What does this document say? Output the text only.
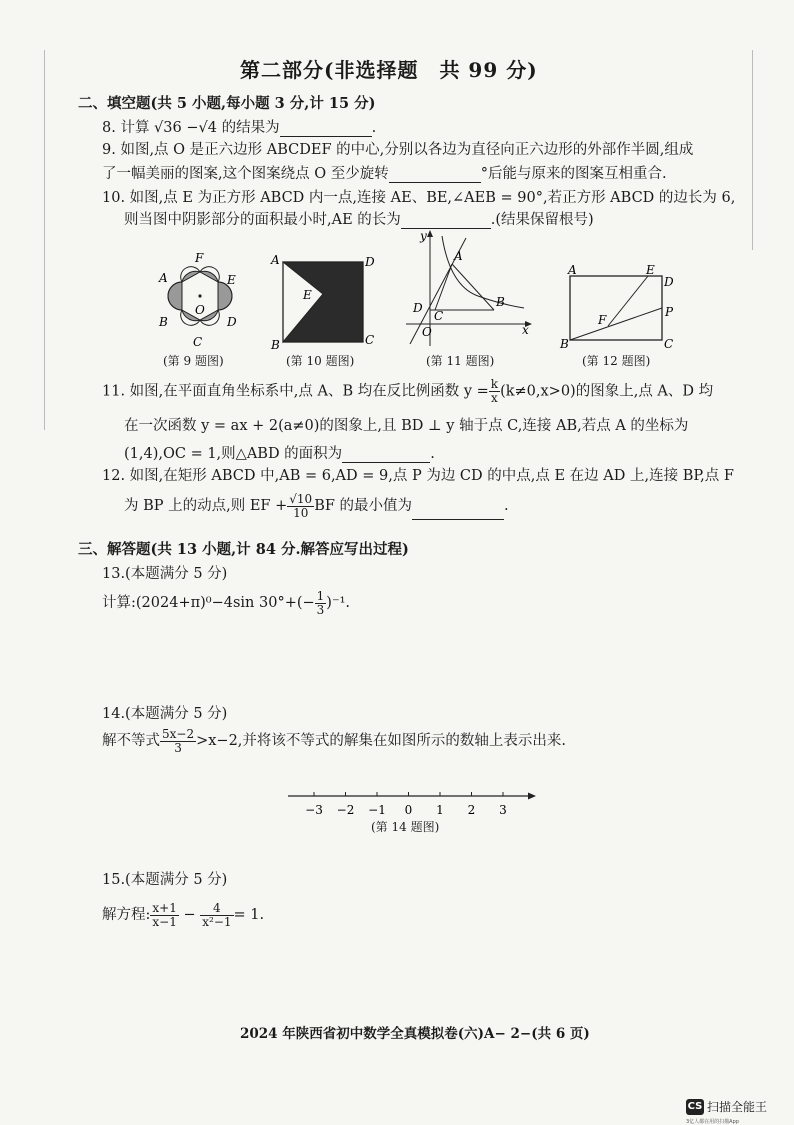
第二部分(非选择题　共 99 分)
二、填空题(共 5 小题,每小题 3 分,计 15 分)
8. 计算 √36 −√4 的结果为	.
9. 如图,点 O 是正六边形 ABCDEF 的中心,分别以各边为直径向正六边形的外部作半圆,组成
了一幅美丽的图案,这个图案绕点 O 至少旋转	°后能与原来的图案互相重合.
10. 如图,点 E 为正方形 ABCD 内一点,连接 AE、BE,∠AEB = 90°,若正方形 ABCD 的边长为 6,
则当图中阴影部分的面积最小时,AE 的长为	.(结果保留根号)
F
E
A
B	D
C
O
(第 9 题图)
A	D
E
B	C
(第 10 题图)
y
A
B
D
C
O	x
(第 11 题图)
A	E
D
P
F
B	C
(第 12 题图)
11. 如图,在平面直角坐标系中,点 A、B 均在反比例函数 $y = \frac{k}{x} (k\ne 0,x>0)$的图象上,点 A、D 均
在一次函数 y = ax + 2(a≠0)的图象上,且 BD ⊥ y 轴于点 C,连接 AB,若点 A 的坐标为
(1,4),OC = 1,则△ABD 的面积为	.
12. 如图,在矩形 ABCD 中,AB = 6,AD = 9,点 P 为边 CD 的中点,点 E 在边 AD 上,连接 BP,点 F
为 BP 上的动点,则 EF + $\frac{√10}{10}$ BF 的最小值为	.
三、解答题(共 13 小题,计 84 分.解答应写出过程)
13.(本题满分 5 分)
计算:(2024+π)⁰−4sin $30^\circ+(- \frac{1}{3} )^{-1}$.
14.(本题满分 5 分)
解不等式 $\frac{5x-2}{3} >x-2$,并将该不等式的解集在如图所示的数轴上表示出来.
−3 −2 −1 0 1 2 3
(第 14 题图)
15.(本题满分 5 分)
解方程: $\frac{x+1}{x-1} - \frac{4}{\text{x²−1}} = 1$.
2024 年陕西省初中数学全真模拟卷(六)A− 2−(共 6 页)
CS 扫描全能王
3亿人都在用的扫描App
